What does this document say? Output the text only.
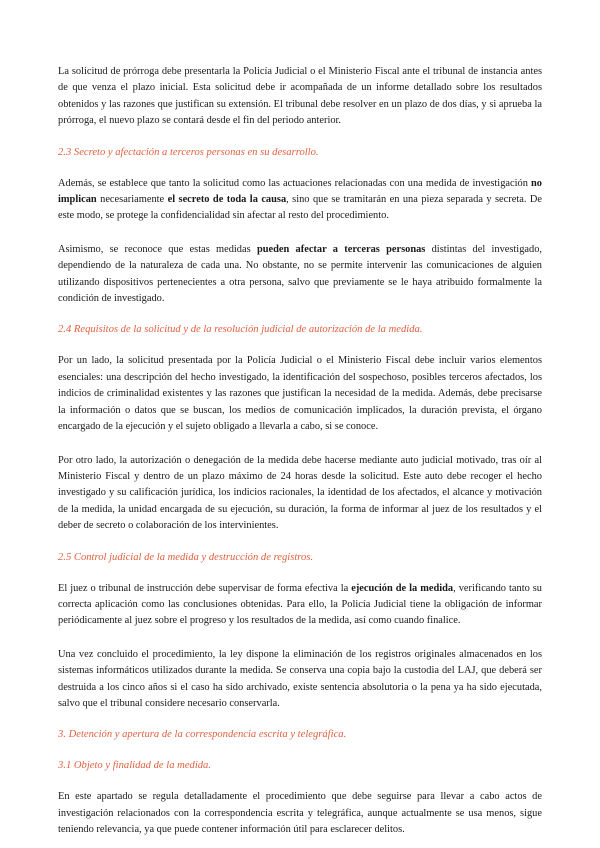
La solicitud de prórroga debe presentarla la Policía Judicial o el Ministerio Fiscal ante el tribunal de instancia antes de que venza el plazo inicial. Esta solicitud debe ir acompañada de un informe detallado sobre los resultados obtenidos y las razones que justifican su extensión. El tribunal debe resolver en un plazo de dos días, y si aprueba la prórroga, el nuevo plazo se contará desde el fin del periodo anterior.

2.3 Secreto y afectación a terceros personas en su desarrollo.

Además, se establece que tanto la solicitud como las actuaciones relacionadas con una medida de investigación no implican necesariamente el secreto de toda la causa, sino que se tramitarán en una pieza separada y secreta. De este modo, se protege la confidencialidad sin afectar al resto del procedimiento.

Asimismo, se reconoce que estas medidas pueden afectar a terceras personas distintas del investigado, dependiendo de la naturaleza de cada una. No obstante, no se permite intervenir las comunicaciones de alguien utilizando dispositivos pertenecientes a otra persona, salvo que previamente se le haya atribuido formalmente la condición de investigado.

2.4 Requisitos de la solicitud y de la resolución judicial de autorización de la medida.

Por un lado, la solicitud presentada por la Policía Judicial o el Ministerio Fiscal debe incluir varios elementos esenciales: una descripción del hecho investigado, la identificación del sospechoso, posibles terceros afectados, los indicios de criminalidad existentes y las razones que justifican la necesidad de la medida. Además, debe precisarse la información o datos que se buscan, los medios de comunicación implicados, la duración prevista, el órgano encargado de la ejecución y el sujeto obligado a llevarla a cabo, si se conoce.

Por otro lado, la autorización o denegación de la medida debe hacerse mediante auto judicial motivado, tras oír al Ministerio Fiscal y dentro de un plazo máximo de 24 horas desde la solicitud. Este auto debe recoger el hecho investigado y su calificación jurídica, los indicios racionales, la identidad de los afectados, el alcance y motivación de la medida, la unidad encargada de su ejecución, su duración, la forma de informar al juez de los resultados y el deber de secreto o colaboración de los intervinientes.

2.5 Control judicial de la medida y destrucción de registros.

El juez o tribunal de instrucción debe supervisar de forma efectiva la ejecución de la medida, verificando tanto su correcta aplicación como las conclusiones obtenidas. Para ello, la Policía Judicial tiene la obligación de informar periódicamente al juez sobre el progreso y los resultados de la medida, así como cuando finalice.

Una vez concluido el procedimiento, la ley dispone la eliminación de los registros originales almacenados en los sistemas informáticos utilizados durante la medida. Se conserva una copia bajo la custodia del LAJ, que deberá ser destruida a los cinco años si el caso ha sido archivado, existe sentencia absolutoria o la pena ya ha sido ejecutada, salvo que el tribunal considere necesario conservarla.

3. Detención y apertura de la correspondencia escrita y telegráfica.
3.1 Objeto y finalidad de la medida.

En este apartado se regula detalladamente el procedimiento que debe seguirse para llevar a cabo actos de investigación relacionados con la correspondencia escrita y telegráfica, aunque actualmente se usa menos, sigue teniendo relevancia, ya que puede contener información útil para esclarecer delitos.
